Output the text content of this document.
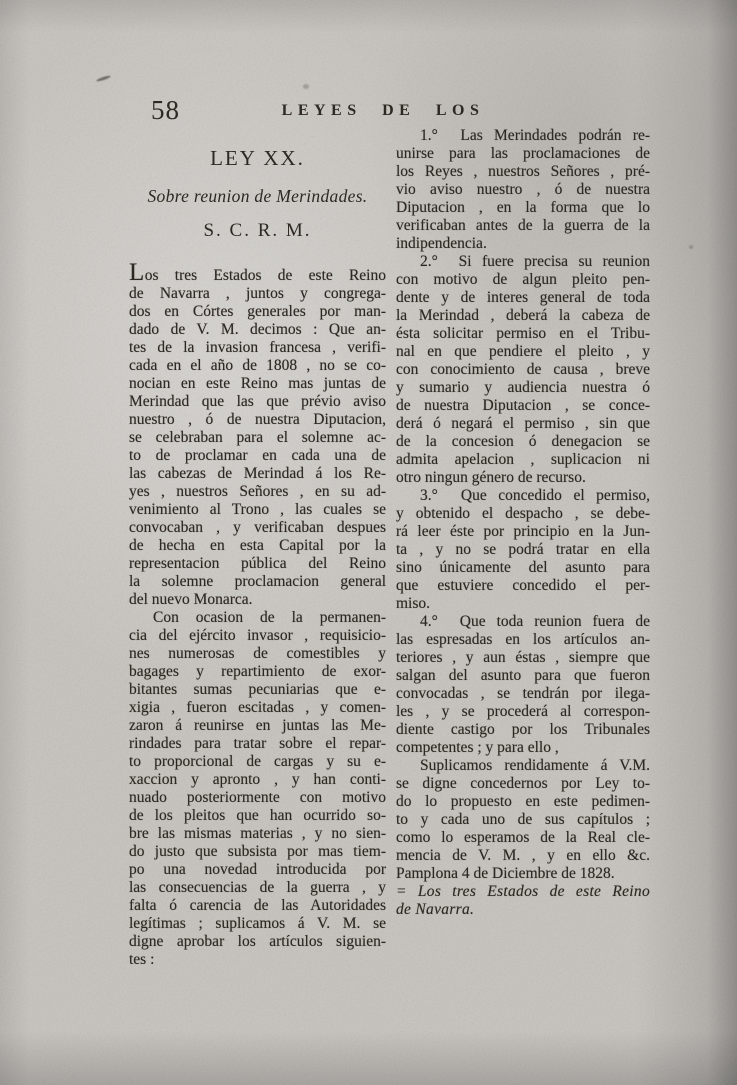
58	LEYES DE LOS
LEY XX.
Sobre reunion de Merindades.
S. C. R. M.
Los tres Estados de este Reino
de Navarra , juntos y congrega-
dos en Córtes generales por man-
dado de V. M. decimos : Que an-
tes de la invasion francesa , verifi-
cada en el año de 1808 , no se co-
nocian en este Reino mas juntas de
Merindad que las que prévio aviso
nuestro , ó de nuestra Diputacion,
se celebraban para el solemne ac-
to de proclamar en cada una de
las cabezas de Merindad á los Re-
yes , nuestros Señores , en su ad-
venimiento al Trono , las cuales se
convocaban , y verificaban despues
de hecha en esta Capital por la
representacion pública del Reino
la solemne proclamacion general
del nuevo Monarca.
Con ocasion de la permanen-
cia del ejército invasor , requisicio-
nes numerosas de comestibles y
bagages y repartimiento de exor-
bitantes sumas pecuniarias que e-
xigia , fueron escitadas , y comen-
zaron á reunirse en juntas las Me-
rindades para tratar sobre el repar-
to proporcional de cargas y su e-
xaccion y apronto , y han conti-
nuado posteriormente con motivo
de los pleitos que han ocurrido so-
bre las mismas materias , y no sien-
do justo que subsista por mas tiem-
po una novedad introducida por
las consecuencias de la guerra , y
falta ó carencia de las Autoridades
legítimas ; suplicamos á V. M. se
digne aprobar los artículos siguien-
tes :
1.°  Las Merindades podrán re-
unirse para las proclamaciones de
los Reyes , nuestros Señores , pré-
vio aviso nuestro , ó de nuestra
Diputacion , en la forma que lo
verificaban antes de la guerra de la
indipendencia.
2.°  Si fuere precisa su reunion
con motivo de algun pleito pen-
dente y de interes general de toda
la Merindad , deberá la cabeza de
ésta solicitar permiso en el Tribu-
nal en que pendiere el pleito , y
con conocimiento de causa , breve
y sumario y audiencia nuestra ó
de nuestra Diputacion , se conce-
derá ó negará el permiso , sin que
de la concesion ó denegacion se
admita apelacion , suplicacion ni
otro ningun género de recurso.
3.°  Que concedido el permiso,
y obtenido el despacho , se debe-
rá leer éste por principio en la Jun-
ta , y no se podrá tratar en ella
sino únicamente del asunto para
que estuviere concedido el per-
miso.
4.°  Que toda reunion fuera de
las espresadas en los artículos an-
teriores , y aun éstas , siempre que
salgan del asunto para que fueron
convocadas , se tendrán por ilega-
les , y se procederá al correspon-
diente castigo por los Tribunales
competentes ; y para ello ,
Suplicamos rendidamente á V.M.
se digne concedernos por Ley to-
do lo propuesto en este pedimen-
to y cada uno de sus capítulos ;
como lo esperamos de la Real cle-
mencia de V. M. , y en ello &c.
Pamplona 4 de Diciembre de 1828.
= Los tres Estados de este Reino
de Navarra.
